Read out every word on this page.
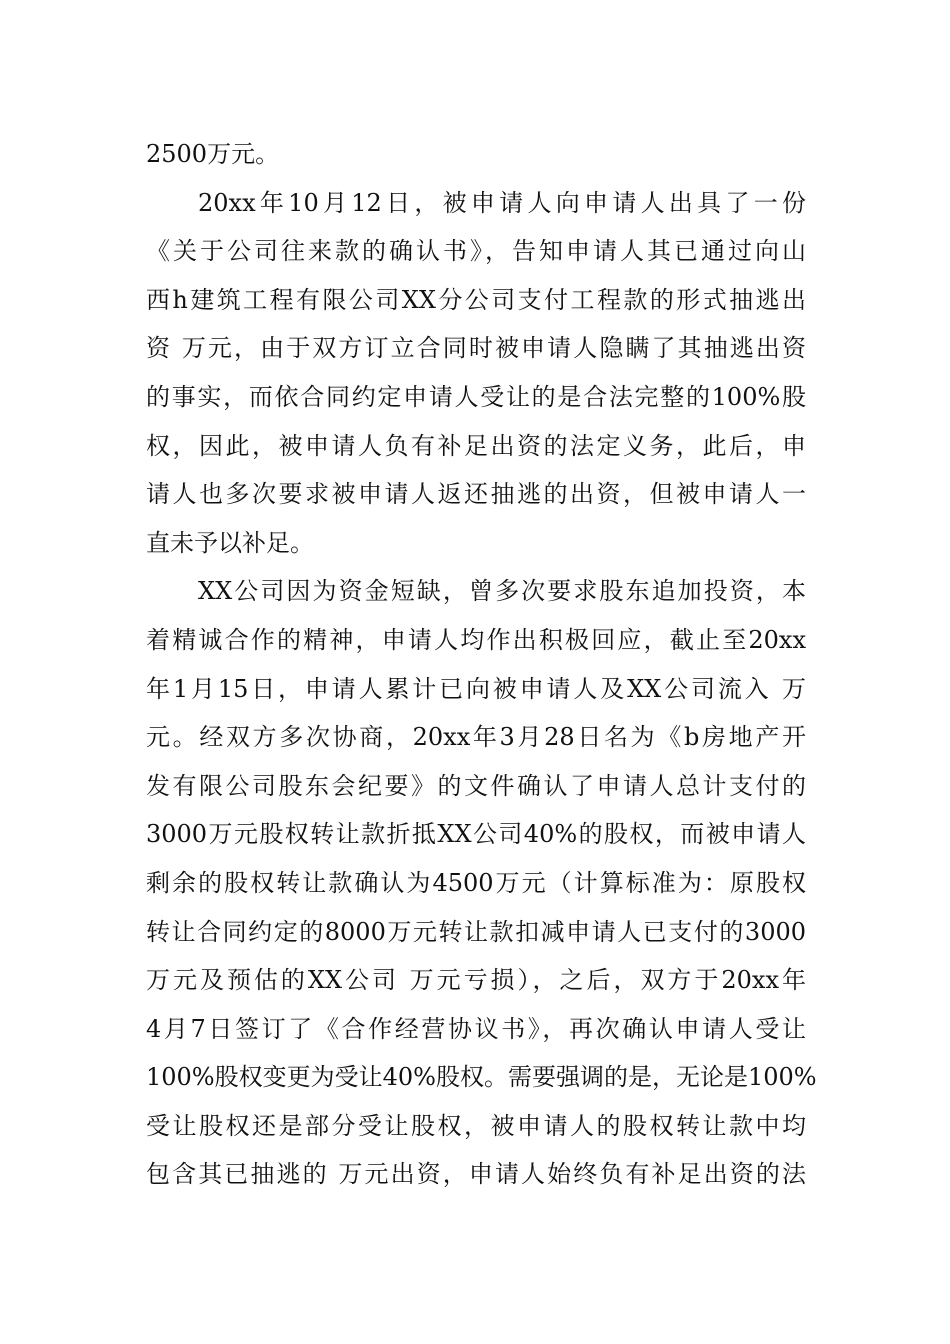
2500万元。
20xx年10月12日，被申请人向申请人出具了一份
《关于公司往来款的确认书》，告知申请人其已通过向山
西h建筑工程有限公司XX分公司支付工程款的形式抽逃出
资 万元，由于双方订立合同时被申请人隐瞒了其抽逃出资
的事实，而依合同约定申请人受让的是合法完整的100%股
权，因此，被申请人负有补足出资的法定义务，此后，申
请人也多次要求被申请人返还抽逃的出资，但被申请人一
直未予以补足。
XX公司因为资金短缺，曾多次要求股东追加投资，本
着精诚合作的精神，申请人均作出积极回应，截止至20xx
年1月15日，申请人累计已向被申请人及XX公司流入 万
元。经双方多次协商，20xx年3月28日名为《b房地产开
发有限公司股东会纪要》的文件确认了申请人总计支付的
3000万元股权转让款折抵XX公司40%的股权，而被申请人
剩余的股权转让款确认为4500万元（计算标准为：原股权
转让合同约定的8000万元转让款扣减申请人已支付的3000
万元及预估的XX公司 万元亏损），之后，双方于20xx年
4月7日签订了《合作经营协议书》，再次确认申请人受让
100%股权变更为受让40%股权。需要强调的是，无论是100%
受让股权还是部分受让股权，被申请人的股权转让款中均
包含其已抽逃的 万元出资，申请人始终负有补足出资的法
